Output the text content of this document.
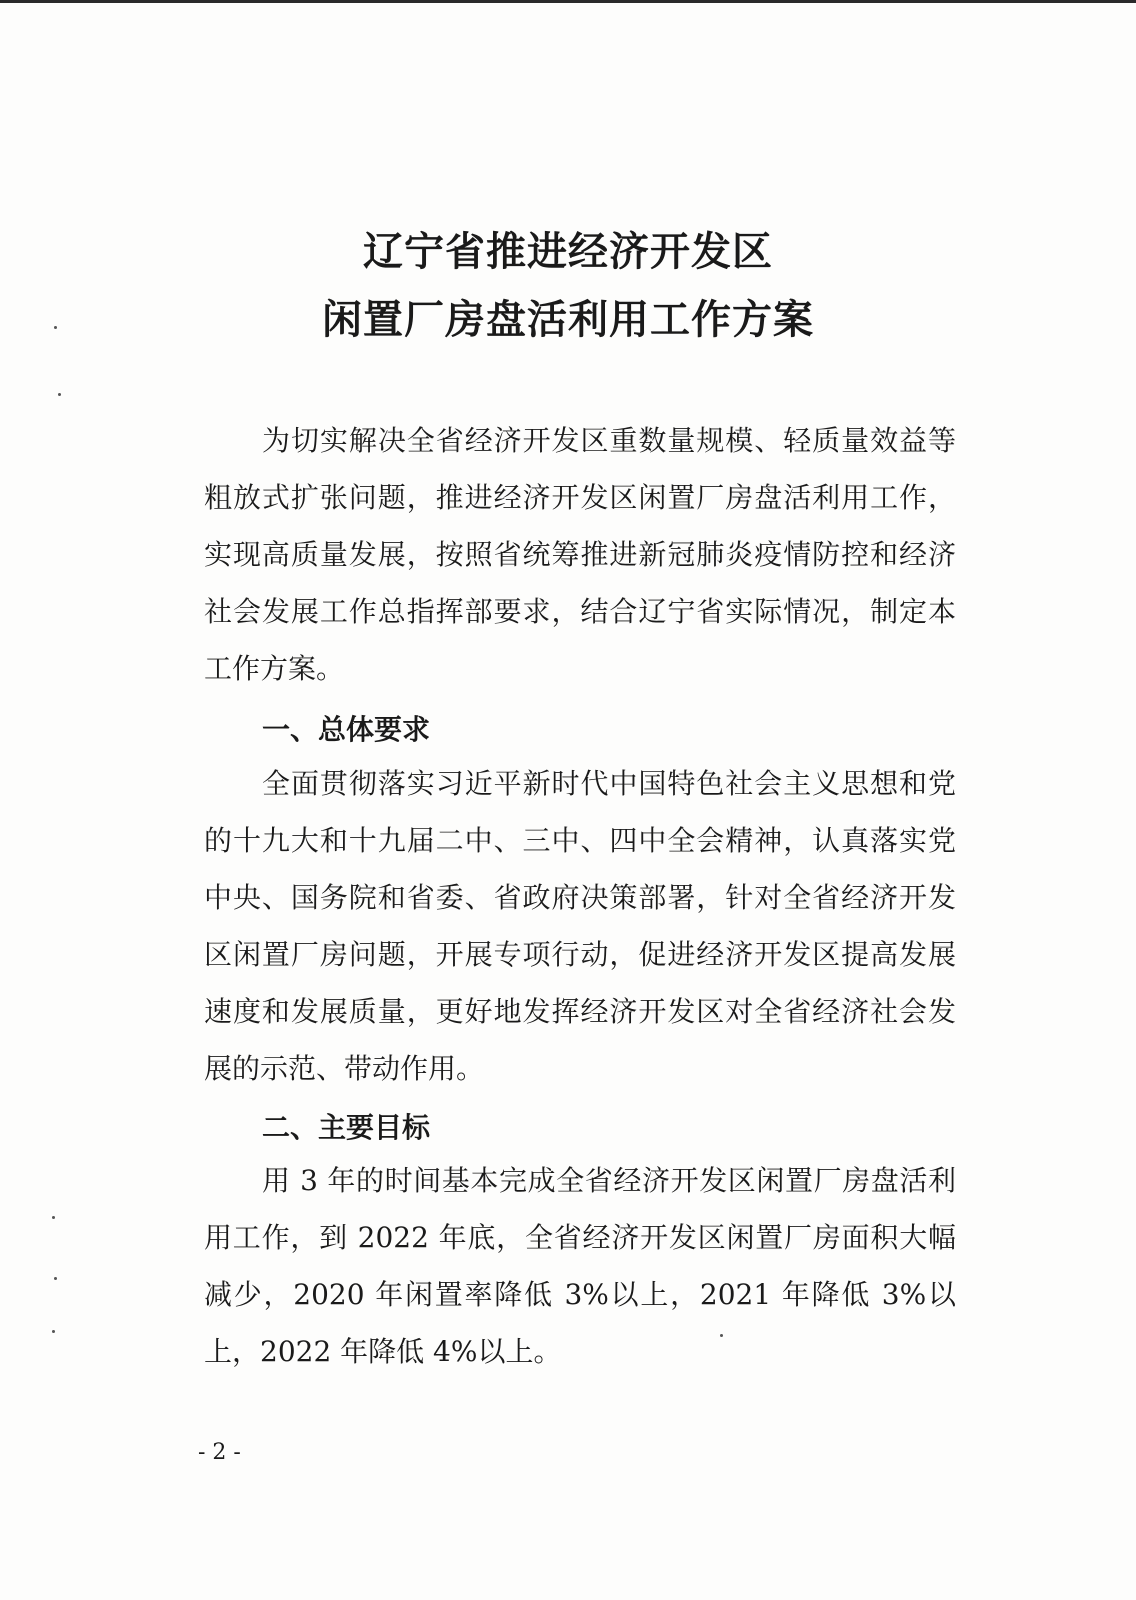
辽宁省推进经济开发区
闲置厂房盘活利用工作方案

为切实解决全省经济开发区重数量规模、轻质量效益等粗放式扩张问题，推进经济开发区闲置厂房盘活利用工作，实现高质量发展，按照省统筹推进新冠肺炎疫情防控和经济社会发展工作总指挥部要求，结合辽宁省实际情况，制定本工作方案。

一、总体要求

全面贯彻落实习近平新时代中国特色社会主义思想和党的十九大和十九届二中、三中、四中全会精神，认真落实党中央、国务院和省委、省政府决策部署，针对全省经济开发区闲置厂房问题，开展专项行动，促进经济开发区提高发展速度和发展质量，更好地发挥经济开发区对全省经济社会发展的示范、带动作用。

二、主要目标

用 3 年的时间基本完成全省经济开发区闲置厂房盘活利用工作，到 2022 年底，全省经济开发区闲置厂房面积大幅减少，2020 年闲置率降低 3%以上，2021 年降低 3%以上，2022 年降低 4%以上。

- 2 -
